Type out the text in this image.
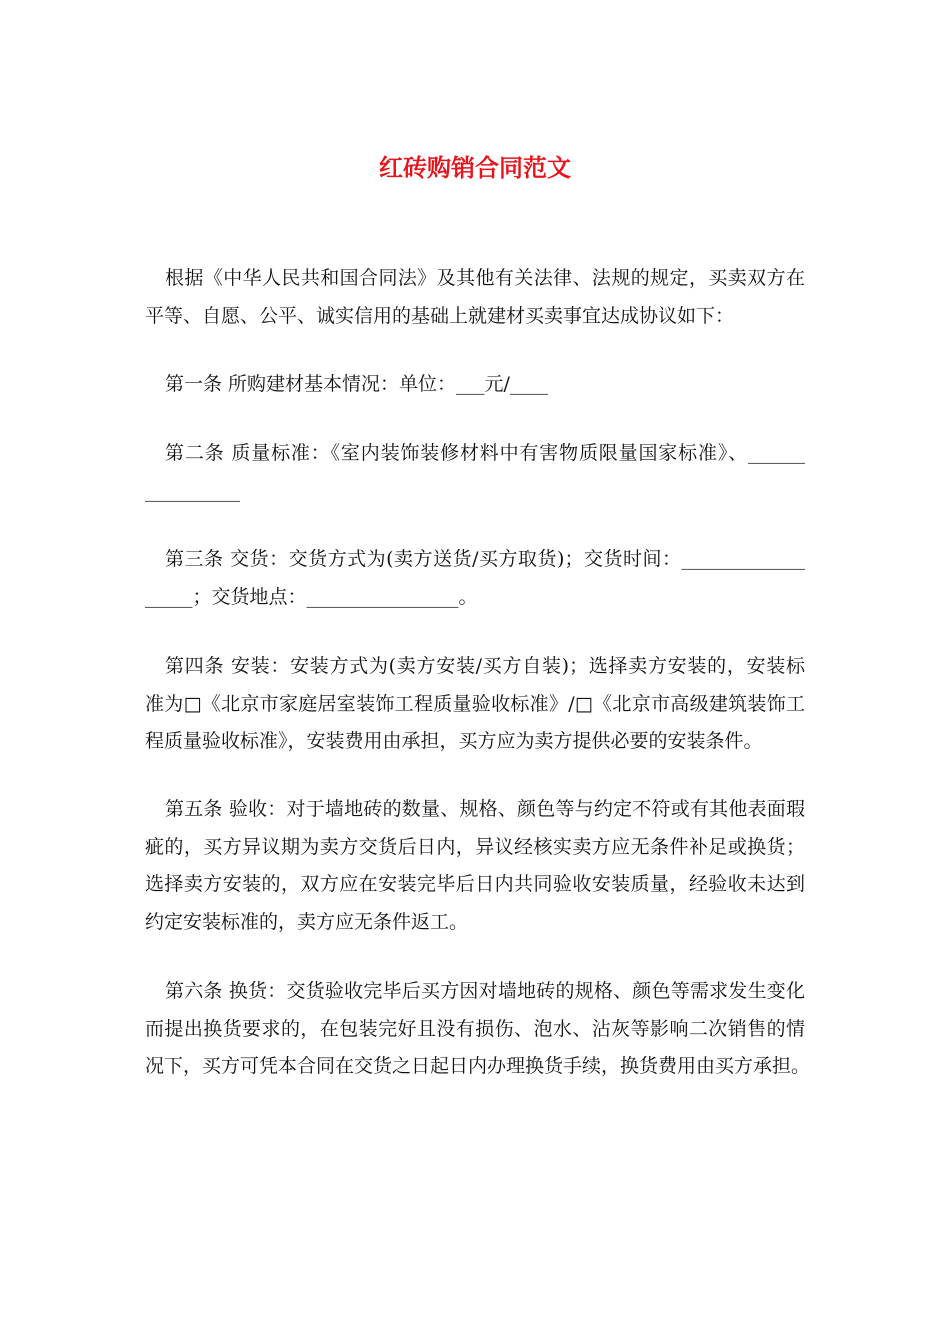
红砖购销合同范文
根据《中华人民共和国合同法》及其他有关法律、法规的规定，买卖双方在
平等、自愿、公平、诚实信用的基础上就建材买卖事宜达成协议如下：
第一条 所购建材基本情况：单位：___元/____
第二条 质量标准：《室内装饰装修材料中有害物质限量国家标准》、______
__________
第三条 交货：交货方式为(卖方送货/买方取货)；交货时间：_____________
_____；交货地点：________________。
第四条 安装：安装方式为(卖方安装/买方自装)；选择卖方安装的，安装标
准为□《北京市家庭居室装饰工程质量验收标准》/□《北京市高级建筑装饰工
程质量验收标准》，安装费用由承担，买方应为卖方提供必要的安装条件。
第五条 验收：对于墙地砖的数量、规格、颜色等与约定不符或有其他表面瑕
疵的，买方异议期为卖方交货后日内，异议经核实卖方应无条件补足或换货；
选择卖方安装的，双方应在安装完毕后日内共同验收安装质量，经验收未达到
约定安装标准的，卖方应无条件返工。
第六条 换货：交货验收完毕后买方因对墙地砖的规格、颜色等需求发生变化
而提出换货要求的，在包装完好且没有损伤、泡水、沾灰等影响二次销售的情
况下，买方可凭本合同在交货之日起日内办理换货手续，换货费用由买方承担。
